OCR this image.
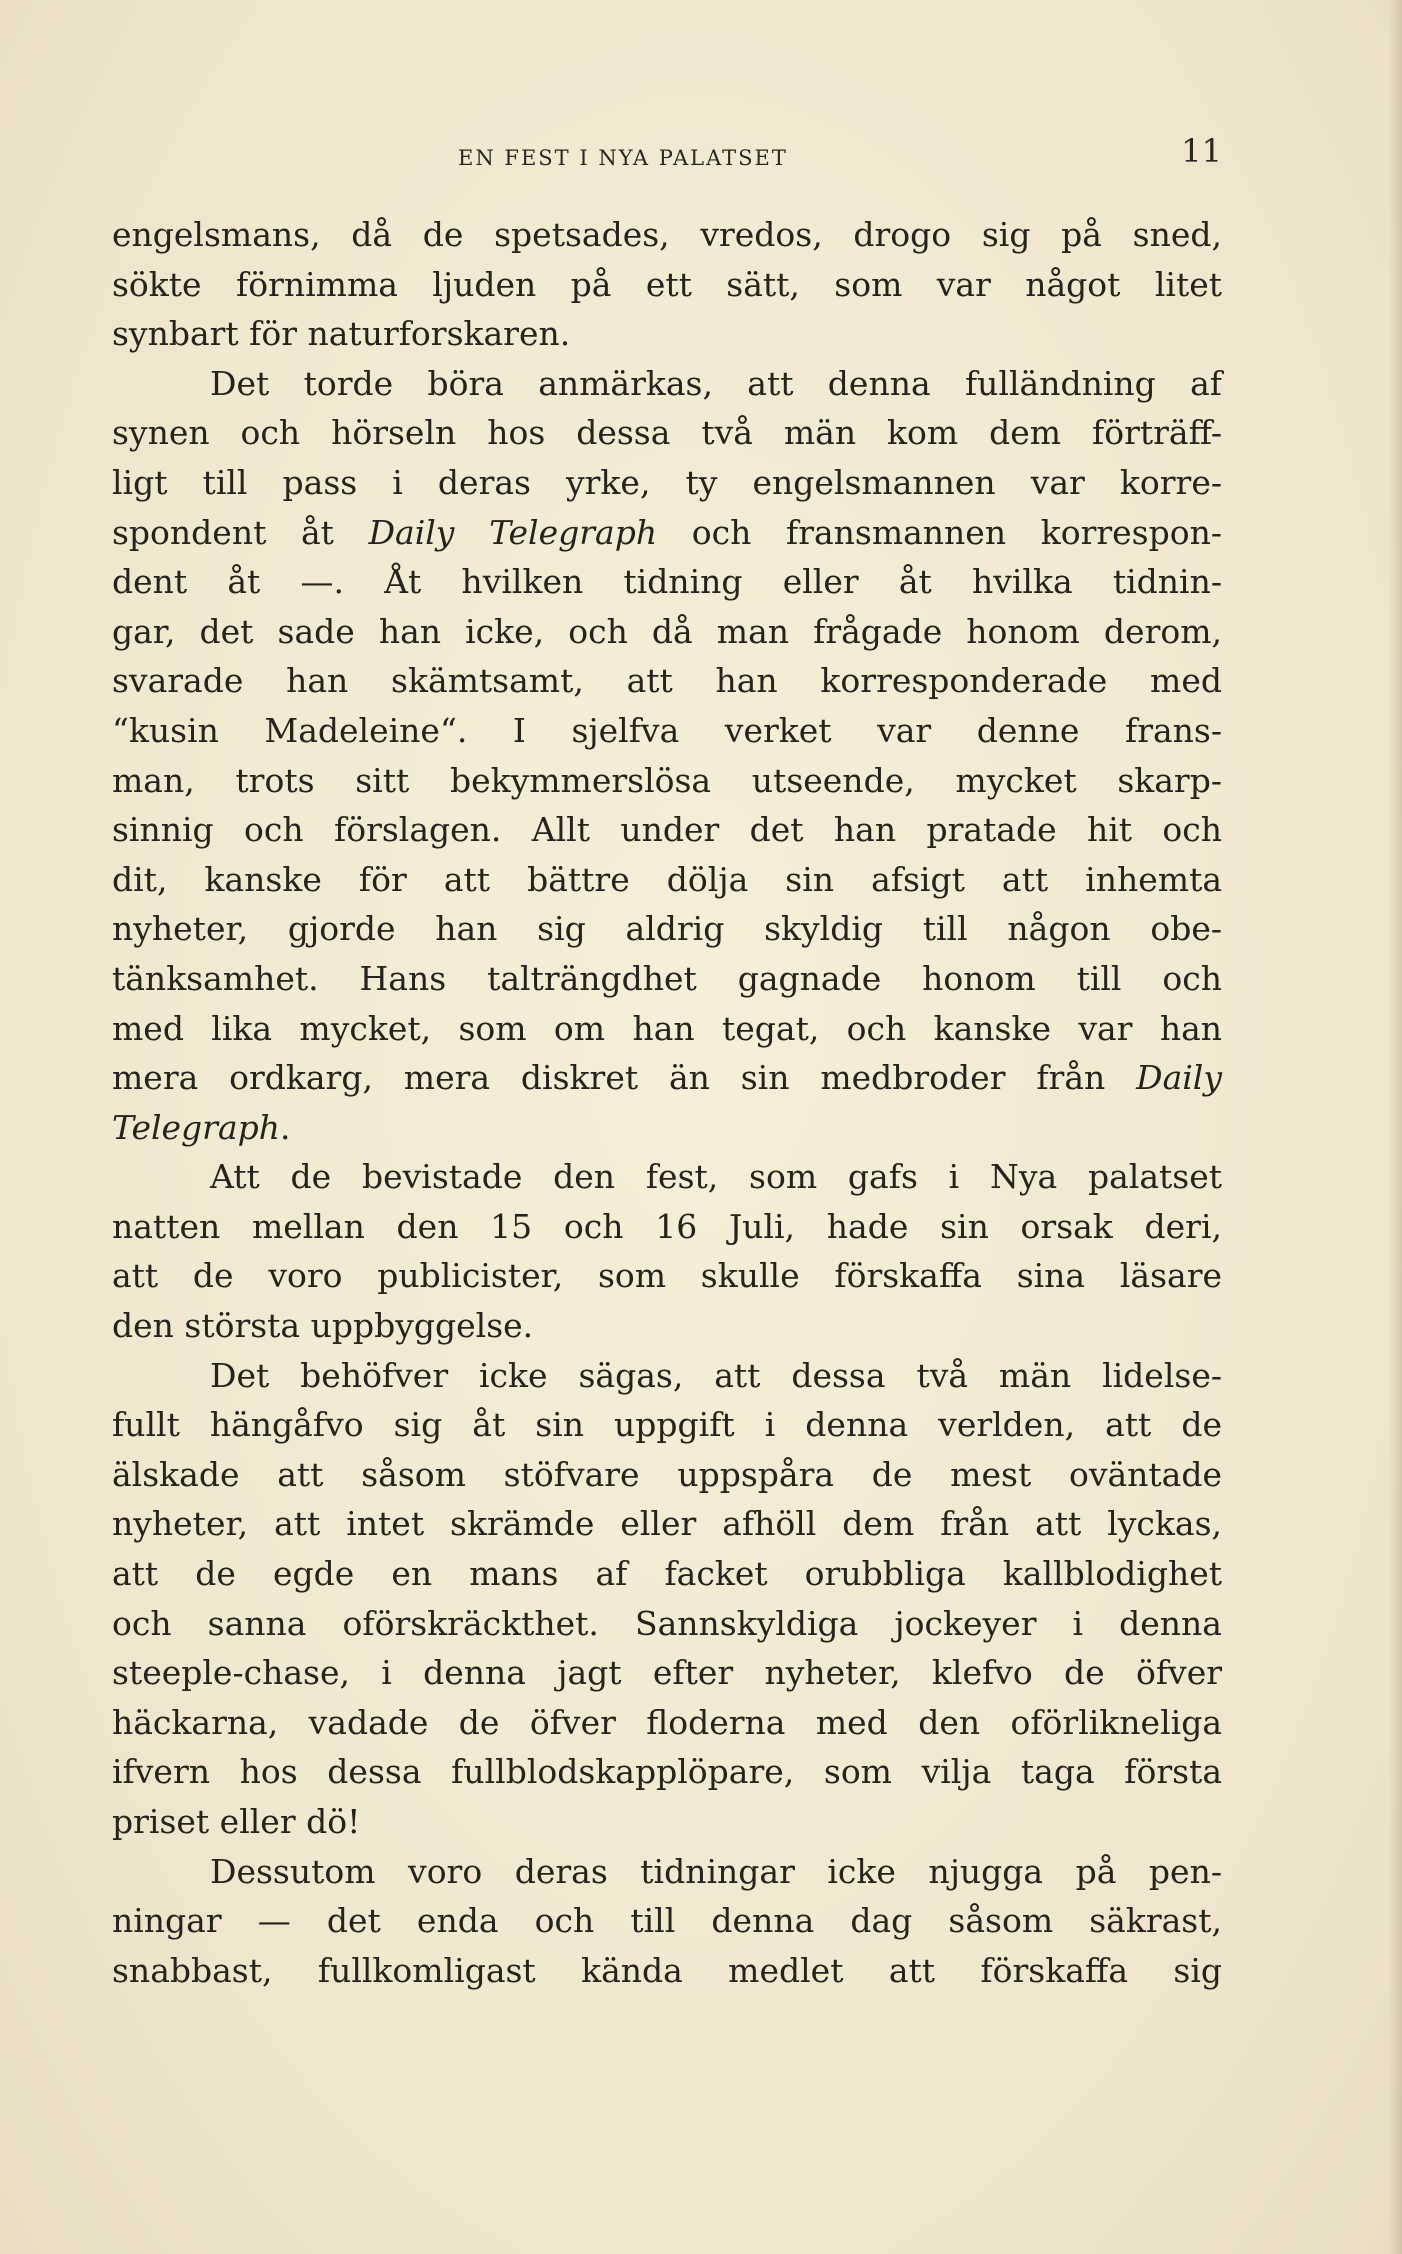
EN FEST I NYA PALATSET	11
engelsmans, då de spetsades, vredos, drogo sig på sned,
sökte förnimma ljuden på ett sätt, som var något litet
synbart för naturforskaren.
Det torde böra anmärkas, att denna fulländning af
synen och hörseln hos dessa två män kom dem förträff-
ligt till pass i deras yrke, ty engelsmannen var korre-
spondent åt Daily Telegraph och fransmannen korrespon-
dent åt —. Åt hvilken tidning eller åt hvilka tidnin-
gar, det sade han icke, och då man frågade honom derom,
svarade han skämtsamt, att han korresponderade med
“kusin Madeleine“. I sjelfva verket var denne frans-
man, trots sitt bekymmerslösa utseende, mycket skarp-
sinnig och förslagen. Allt under det han pratade hit och
dit, kanske för att bättre dölja sin afsigt att inhemta
nyheter, gjorde han sig aldrig skyldig till någon obe-
tänksamhet. Hans talträngdhet gagnade honom till och
med lika mycket, som om han tegat, och kanske var han
mera ordkarg, mera diskret än sin medbroder från Daily
Telegraph.
Att de bevistade den fest, som gafs i Nya palatset
natten mellan den 15 och 16 Juli, hade sin orsak deri,
att de voro publicister, som skulle förskaffa sina läsare
den största uppbyggelse.
Det behöfver icke sägas, att dessa två män lidelse-
fullt hängåfvo sig åt sin uppgift i denna verlden, att de
älskade att såsom stöfvare uppspåra de mest oväntade
nyheter, att intet skrämde eller afhöll dem från att lyckas,
att de egde en mans af facket orubbliga kallblodighet
och sanna oförskräckthet. Sannskyldiga jockeyer i denna
steeple-chase, i denna jagt efter nyheter, klefvo de öfver
häckarna, vadade de öfver floderna med den oförlikneliga
ifvern hos dessa fullblodskapplöpare, som vilja taga första
priset eller dö!
Dessutom voro deras tidningar icke njugga på pen-
ningar — det enda och till denna dag såsom säkrast,
snabbast, fullkomligast kända medlet att förskaffa sig
